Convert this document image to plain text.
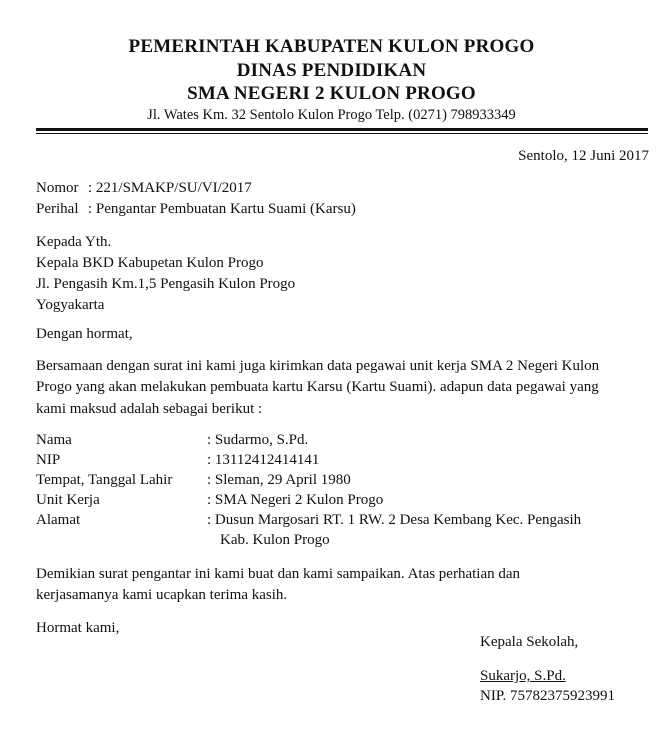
PEMERINTAH KABUPATEN KULON PROGO
DINAS PENDIDIKAN
SMA NEGERI 2 KULON PROGO
Jl. Wates Km. 32 Sentolo Kulon Progo Telp. (0271) 798933349
Sentolo, 12 Juni 2017
Nomor : 221/SMAKP/SU/VI/2017
Perihal : Pengantar Pembuatan Kartu Suami (Karsu)
Kepada Yth.
Kepala BKD Kabupetan Kulon Progo
Jl. Pengasih Km.1,5 Pengasih Kulon Progo
Yogyakarta
Dengan hormat,
Bersamaan dengan surat ini kami juga kirimkan data pegawai unit kerja SMA 2 Negeri Kulon
Progo yang akan melakukan pembuata kartu Karsu (Kartu Suami). adapun data pegawai yang
kami maksud adalah sebagai berikut :
Nama	: Sudarmo, S.Pd.
NIP	: 13112412414141
Tempat, Tanggal Lahir : Sleman, 29 April 1980
Unit Kerja	: SMA Negeri 2 Kulon Progo
Alamat	: Dusun Margosari RT. 1 RW. 2 Desa Kembang Kec. Pengasih
Kab. Kulon Progo
Demikian surat pengantar ini kami buat dan kami sampaikan. Atas perhatian dan
kerjasamanya kami ucapkan terima kasih.
Hormat kami,
Kepala Sekolah,
Sukarjo, S.Pd.
NIP. 75782375923991
